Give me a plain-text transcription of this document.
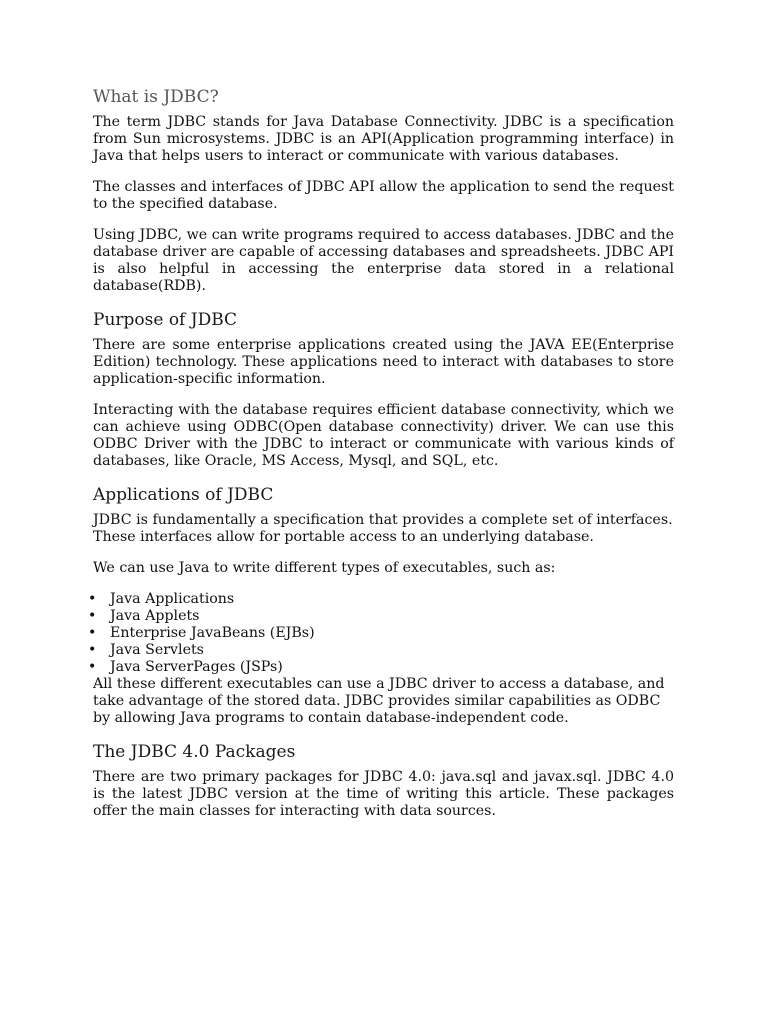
What is JDBC?

The term JDBC stands for Java Database Connectivity. JDBC is a specification from Sun microsystems. JDBC is an API(Application programming interface) in Java that helps users to interact or communicate with various databases.

The classes and interfaces of JDBC API allow the application to send the request to the specified database.

Using JDBC, we can write programs required to access databases. JDBC and the database driver are capable of accessing databases and spreadsheets. JDBC API is also helpful in accessing the enterprise data stored in a relational database(RDB).

Purpose of JDBC

There are some enterprise applications created using the JAVA EE(Enterprise Edition) technology. These applications need to interact with databases to store application-specific information.

Interacting with the database requires efficient database connectivity, which we can achieve using ODBC(Open database connectivity) driver. We can use this ODBC Driver with the JDBC to interact or communicate with various kinds of databases, like Oracle, MS Access, Mysql, and SQL, etc.

Applications of JDBC

JDBC is fundamentally a specification that provides a complete set of interfaces. These interfaces allow for portable access to an underlying database.

We can use Java to write different types of executables, such as:

• Java Applications
• Java Applets
• Enterprise JavaBeans (EJBs)
• Java Servlets
• Java ServerPages (JSPs)

All these different executables can use a JDBC driver to access a database, and take advantage of the stored data. JDBC provides similar capabilities as ODBC by allowing Java programs to contain database-independent code.

The JDBC 4.0 Packages

There are two primary packages for JDBC 4.0: java.sql and javax.sql. JDBC 4.0 is the latest JDBC version at the time of writing this article. These packages offer the main classes for interacting with data sources.
